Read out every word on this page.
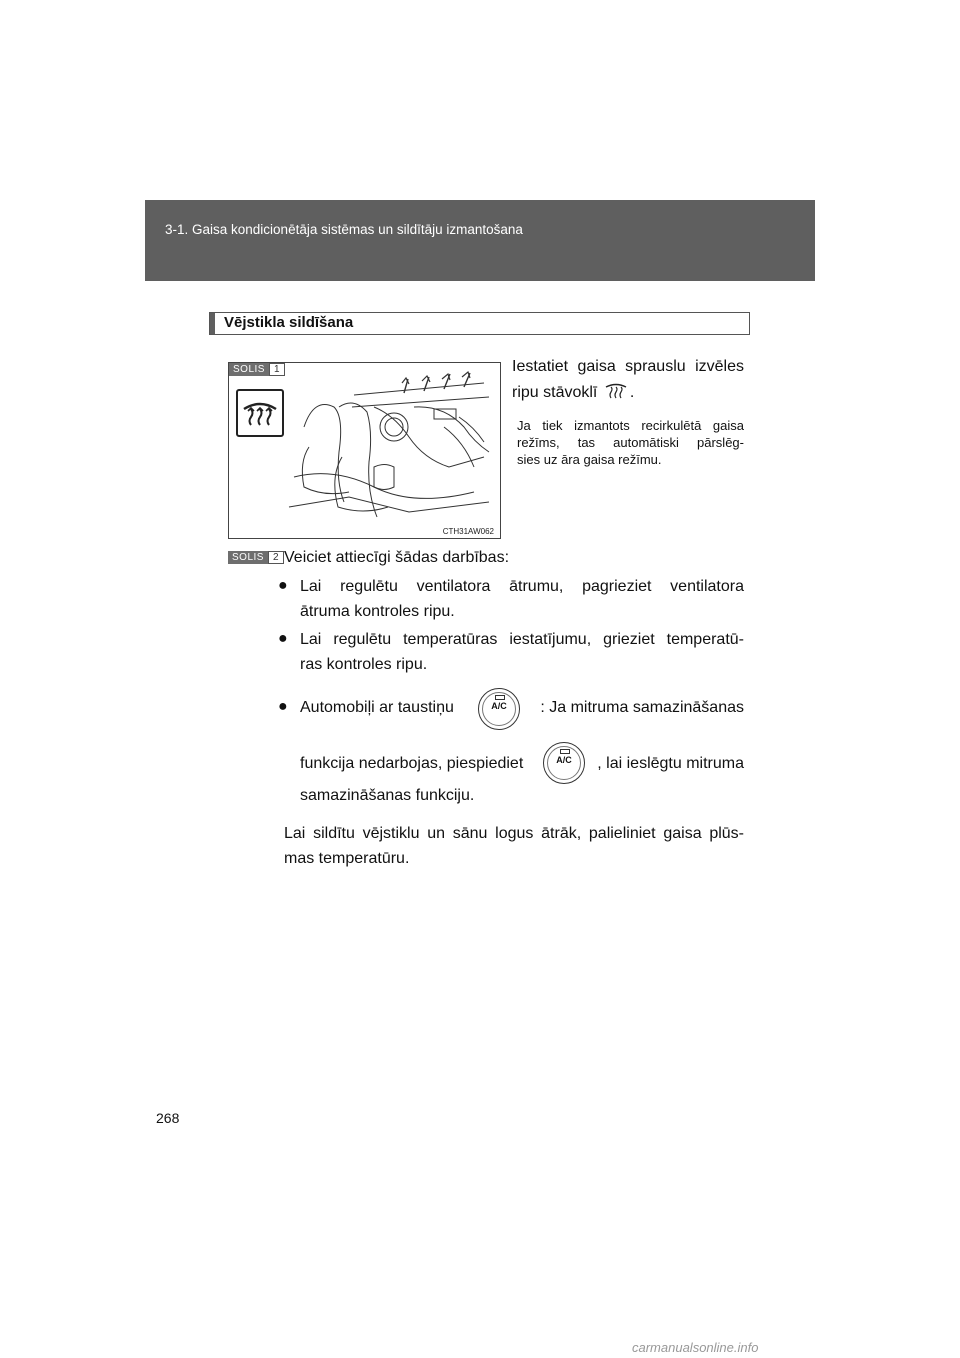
3-1. Gaisa kondicionētāja sistēmas un sildītāju izmantošana
Vējstikla sildīšana
SOLIS 1
CTH31AW062
Iestatiet gaisa sprauslu izvēles
ripu stāvoklī .
Ja tiek izmantots recirkulētā gaisa
režīms, tas automātiski pārslēg-
sies uz āra gaisa režīmu.
SOLIS 2 Veiciet attiecīgi šādas darbības:
● Lai regulētu ventilatora ātrumu, pagrieziet ventilatora
ātruma kontroles ripu.
● Lai regulētu temperatūras iestatījumu, grieziet temperatū-
ras kontroles ripu.
● Automobiļi ar taustiņu	A/C	: Ja mitruma samazināšanas
funkcija nedarbojas, piespiediet	A/C	, lai ieslēgtu mitruma
samazināšanas funkciju.
Lai sildītu vējstiklu un sānu logus ātrāk, palieliniet gaisa plūs-
mas temperatūru.
268
carmanualsonline.info
